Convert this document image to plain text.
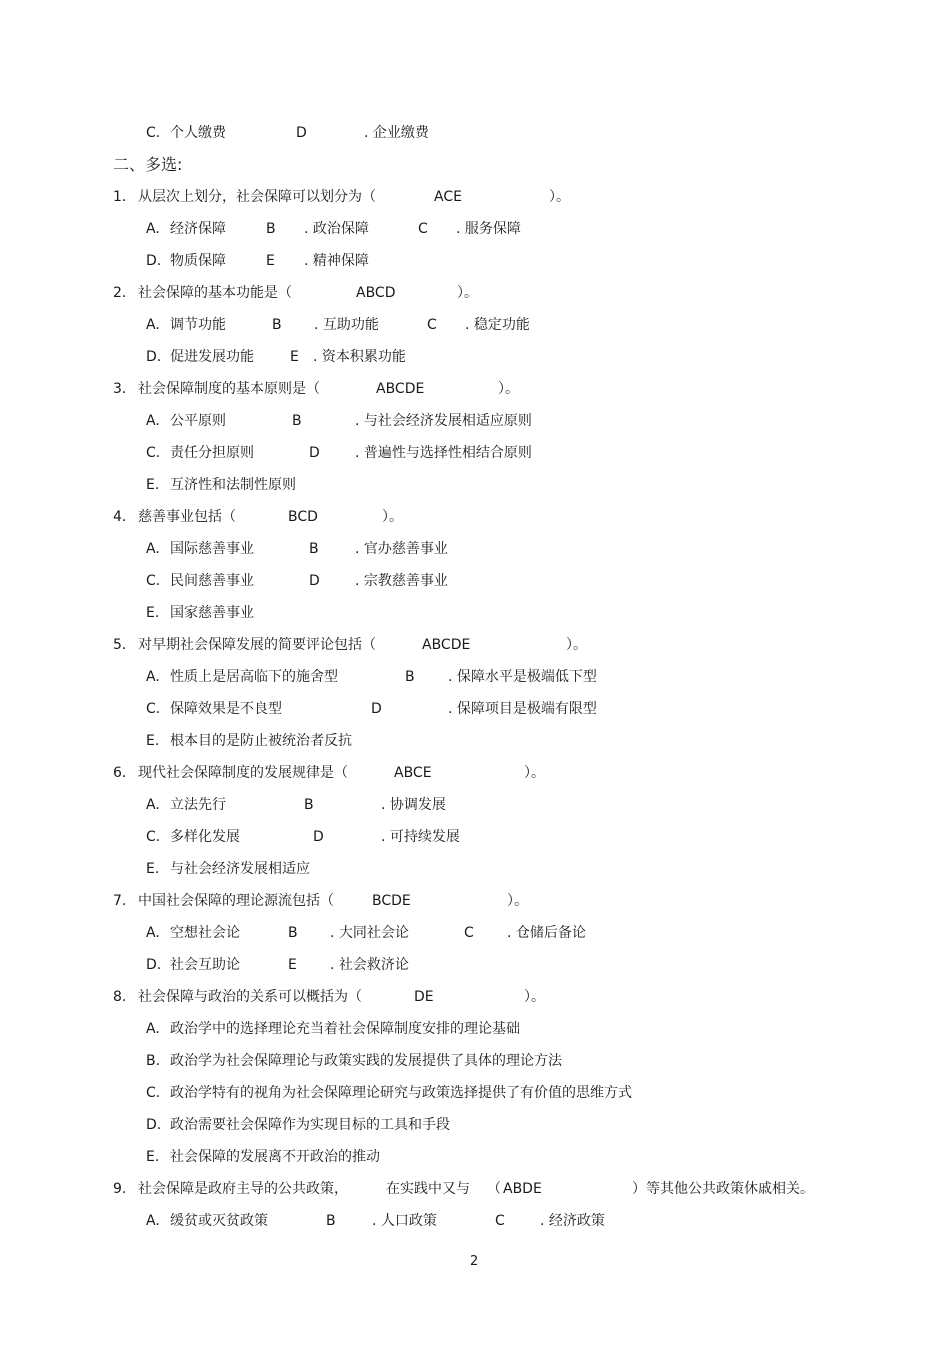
C. 个人缴费	D	. 企业缴费
二、多选:
1． 从层次上划分，社会保障可以划分为（	ACE	）。
A. 经济保障	B . 政治保障	C . 服务保障
D. 物质保障	E . 精神保障
2． 社会保障的基本功能是（	ABCD	）。
A. 调节功能	B . 互助功能	C . 稳定功能
D. 促进发展功能	E . 资本积累功能
3． 社会保障制度的基本原则是（	ABCDE	）。
A. 公平原则	B	. 与社会经济发展相适应原则
C. 责任分担原则	D	. 普遍性与选择性相结合原则
E. 互济性和法制性原则
4． 慈善事业包括（	BCD	）。
A. 国际慈善事业	B	. 官办慈善事业
C. 民间慈善事业	D	. 宗教慈善事业
E. 国家慈善事业
5． 对早期社会保障发展的简要评论包括（	ABCDE	）。
A. 性质上是居高临下的施舍型	B . 保障水平是极端低下型
C. 保障效果是不良型	D	. 保障项目是极端有限型
E. 根本目的是防止被统治者反抗
6． 现代社会保障制度的发展规律是（	ABCE	）。
A. 立法先行	B	. 协调发展
C. 多样化发展	D	. 可持续发展
E. 与社会经济发展相适应
7. 中国社会保障的理论源流包括（	BCDE	）。
A. 空想社会论	B . 大同社会论	C . 仓储后备论
D. 社会互助论	E . 社会救济论
8. 社会保障与政治的关系可以概括为（	DE	）。
A. 政治学中的选择理论充当着社会保障制度安排的理论基础
B. 政治学为社会保障理论与政策实践的发展提供了具体的理论方法
C. 政治学特有的视角为社会保障理论研究与政策选择提供了有价值的思维方式
D. 政治需要社会保障作为实现目标的工具和手段
E. 社会保障的发展离不开政治的推动
9. 社会保障是政府主导的公共政策，	在实践中又与 （ ABDE	）等其他公共政策休戚相关。
A. 缓贫或灭贫政策	B	. 人口政策	C	. 经济政策
2
